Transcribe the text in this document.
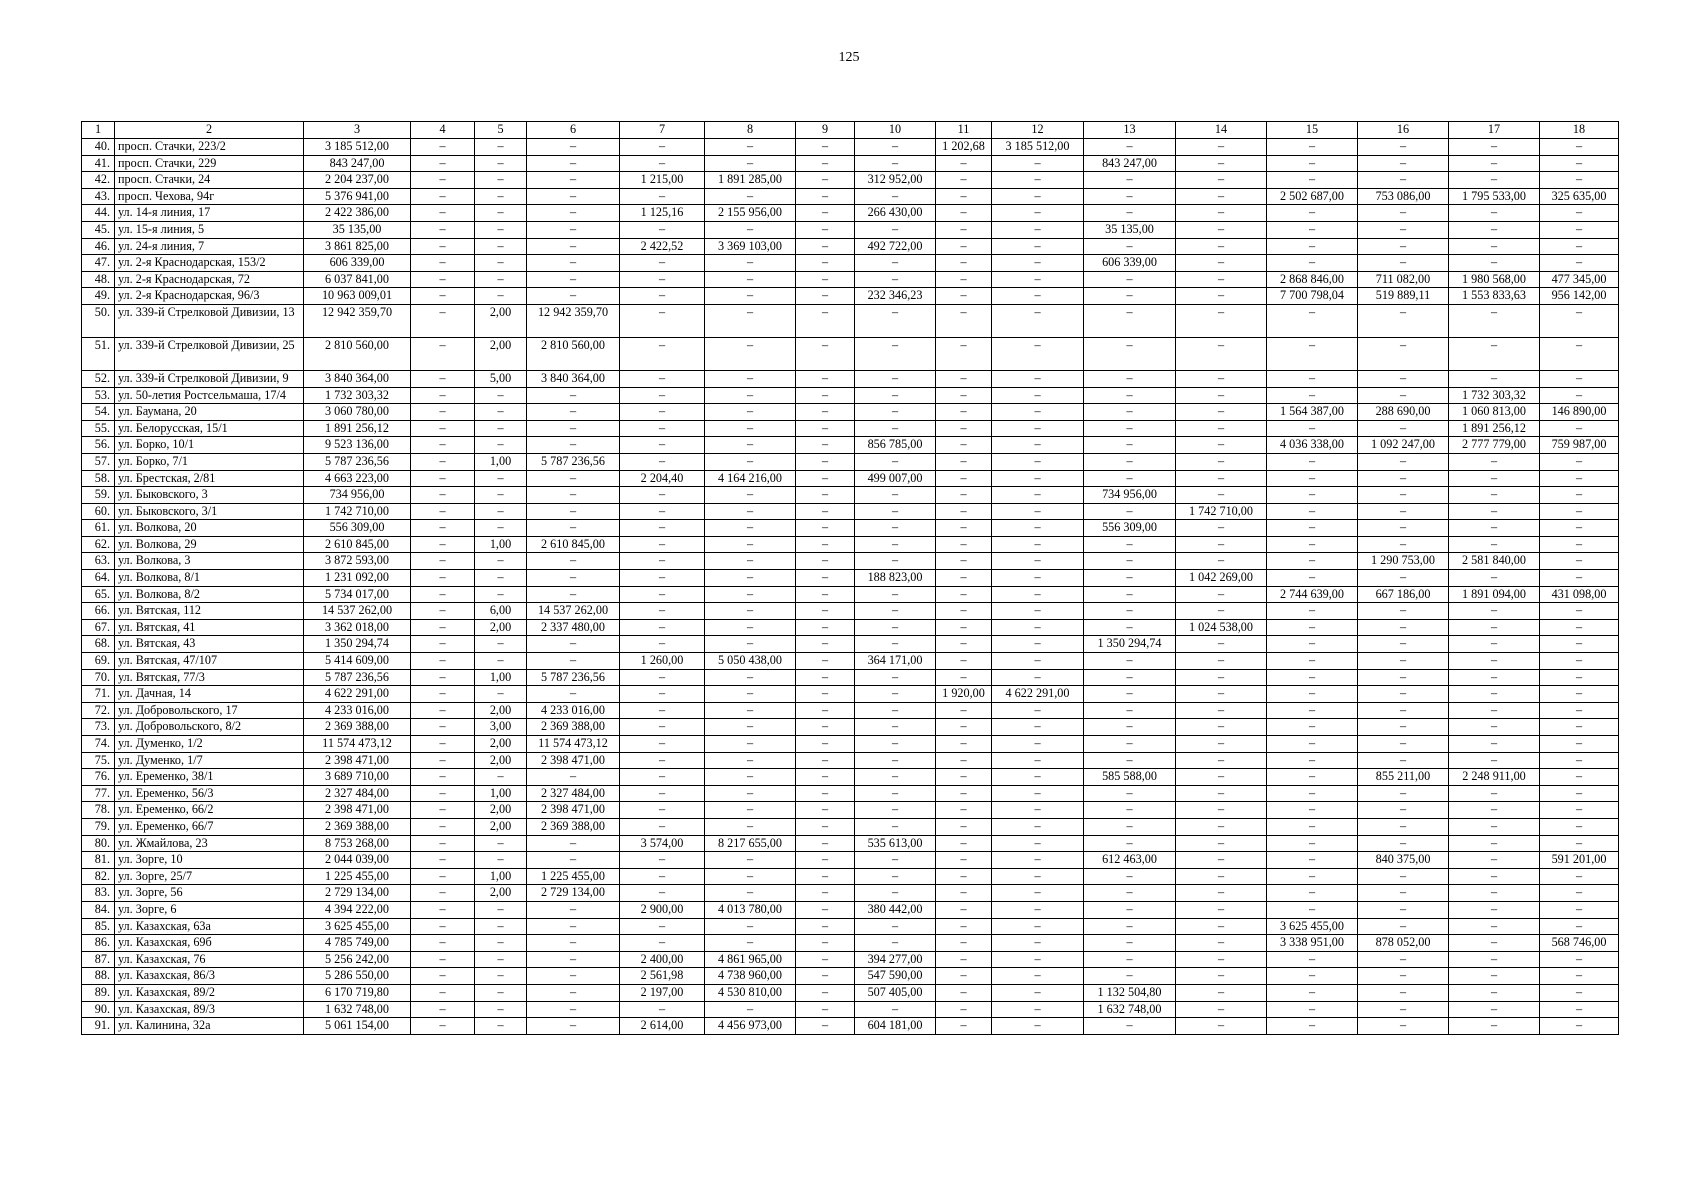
125
1	2	3	4	5	6	7	8	9	10	11	12	13	14	15	16	17	18
40.	просп. Стачки, 223/2	3 185 512,00	–	–	–	–	–	–	–	1 202,68	3 185 512,00	–	–	–	–	–	–
41.	просп. Стачки, 229	843 247,00	–	–	–	–	–	–	–	–	–	843 247,00	–	–	–	–	–
42.	просп. Стачки, 24	2 204 237,00	–	–	–	1 215,00	1 891 285,00	–	312 952,00	–	–	–	–	–	–	–	–
43.	просп. Чехова, 94г	5 376 941,00	–	–	–	–	–	–	–	–	–	–	–	2 502 687,00	753 086,00	1 795 533,00	325 635,00
44.	ул. 14-я линия, 17	2 422 386,00	–	–	–	1 125,16	2 155 956,00	–	266 430,00	–	–	–	–	–	–	–	–
45.	ул. 15-я линия, 5	35 135,00	–	–	–	–	–	–	–	–	–	35 135,00	–	–	–	–	–
46.	ул. 24-я линия, 7	3 861 825,00	–	–	–	2 422,52	3 369 103,00	–	492 722,00	–	–	–	–	–	–	–	–
47.	ул. 2-я Краснодарская, 153/2	606 339,00	–	–	–	–	–	–	–	–	–	606 339,00	–	–	–	–	–
48.	ул. 2-я Краснодарская, 72	6 037 841,00	–	–	–	–	–	–	–	–	–	–	–	2 868 846,00	711 082,00	1 980 568,00	477 345,00
49.	ул. 2-я Краснодарская, 96/3	10 963 009,01	–	–	–	–	–	–	232 346,23	–	–	–	–	7 700 798,04	519 889,11	1 553 833,63	956 142,00
50.	ул. 339-й Стрелковой Дивизии, 13	12 942 359,70	–	2,00	12 942 359,70	–	–	–	–	–	–	–	–	–	–	–	–
51.	ул. 339-й Стрелковой Дивизии, 25	2 810 560,00	–	2,00	2 810 560,00	–	–	–	–	–	–	–	–	–	–	–	–
52.	ул. 339-й Стрелковой Дивизии, 9	3 840 364,00	–	5,00	3 840 364,00	–	–	–	–	–	–	–	–	–	–	–	–
53.	ул. 50-летия Ростсельмаша, 17/4	1 732 303,32	–	–	–	–	–	–	–	–	–	–	–	–	–	1 732 303,32	–
54.	ул. Баумана, 20	3 060 780,00	–	–	–	–	–	–	–	–	–	–	–	1 564 387,00	288 690,00	1 060 813,00	146 890,00
55.	ул. Белорусская, 15/1	1 891 256,12	–	–	–	–	–	–	–	–	–	–	–	–	–	1 891 256,12	–
56.	ул. Борко, 10/1	9 523 136,00	–	–	–	–	–	–	856 785,00	–	–	–	–	4 036 338,00	1 092 247,00	2 777 779,00	759 987,00
57.	ул. Борко, 7/1	5 787 236,56	–	1,00	5 787 236,56	–	–	–	–	–	–	–	–	–	–	–	–
58.	ул. Брестская, 2/81	4 663 223,00	–	–	–	2 204,40	4 164 216,00	–	499 007,00	–	–	–	–	–	–	–	–
59.	ул. Быковского, 3	734 956,00	–	–	–	–	–	–	–	–	–	734 956,00	–	–	–	–	–
60.	ул. Быковского, 3/1	1 742 710,00	–	–	–	–	–	–	–	–	–	–	1 742 710,00	–	–	–	–
61.	ул. Волкова, 20	556 309,00	–	–	–	–	–	–	–	–	–	556 309,00	–	–	–	–	–
62.	ул. Волкова, 29	2 610 845,00	–	1,00	2 610 845,00	–	–	–	–	–	–	–	–	–	–	–	–
63.	ул. Волкова, 3	3 872 593,00	–	–	–	–	–	–	–	–	–	–	–	–	1 290 753,00	2 581 840,00	–
64.	ул. Волкова, 8/1	1 231 092,00	–	–	–	–	–	–	188 823,00	–	–	–	1 042 269,00	–	–	–	–
65.	ул. Волкова, 8/2	5 734 017,00	–	–	–	–	–	–	–	–	–	–	–	2 744 639,00	667 186,00	1 891 094,00	431 098,00
66.	ул. Вятская, 112	14 537 262,00	–	6,00	14 537 262,00	–	–	–	–	–	–	–	–	–	–	–	–
67.	ул. Вятская, 41	3 362 018,00	–	2,00	2 337 480,00	–	–	–	–	–	–	–	1 024 538,00	–	–	–	–
68.	ул. Вятская, 43	1 350 294,74	–	–	–	–	–	–	–	–	–	1 350 294,74	–	–	–	–	–
69.	ул. Вятская, 47/107	5 414 609,00	–	–	–	1 260,00	5 050 438,00	–	364 171,00	–	–	–	–	–	–	–	–
70.	ул. Вятская, 77/3	5 787 236,56	–	1,00	5 787 236,56	–	–	–	–	–	–	–	–	–	–	–	–
71.	ул. Дачная, 14	4 622 291,00	–	–	–	–	–	–	–	1 920,00	4 622 291,00	–	–	–	–	–	–
72.	ул. Добровольского, 17	4 233 016,00	–	2,00	4 233 016,00	–	–	–	–	–	–	–	–	–	–	–	–
73.	ул. Добровольского, 8/2	2 369 388,00	–	3,00	2 369 388,00	–	–	–	–	–	–	–	–	–	–	–	–
74.	ул. Думенко, 1/2	11 574 473,12	–	2,00	11 574 473,12	–	–	–	–	–	–	–	–	–	–	–	–
75.	ул. Думенко, 1/7	2 398 471,00	–	2,00	2 398 471,00	–	–	–	–	–	–	–	–	–	–	–	–
76.	ул. Еременко, 38/1	3 689 710,00	–	–	–	–	–	–	–	–	–	585 588,00	–	–	855 211,00	2 248 911,00	–
77.	ул. Еременко, 56/3	2 327 484,00	–	1,00	2 327 484,00	–	–	–	–	–	–	–	–	–	–	–	–
78.	ул. Еременко, 66/2	2 398 471,00	–	2,00	2 398 471,00	–	–	–	–	–	–	–	–	–	–	–	–
79.	ул. Еременко, 66/7	2 369 388,00	–	2,00	2 369 388,00	–	–	–	–	–	–	–	–	–	–	–	–
80.	ул. Жмайлова, 23	8 753 268,00	–	–	–	3 574,00	8 217 655,00	–	535 613,00	–	–	–	–	–	–	–	–
81.	ул. Зорге, 10	2 044 039,00	–	–	–	–	–	–	–	–	–	612 463,00	–	–	840 375,00	–	591 201,00
82.	ул. Зорге, 25/7	1 225 455,00	–	1,00	1 225 455,00	–	–	–	–	–	–	–	–	–	–	–	–
83.	ул. Зорге, 56	2 729 134,00	–	2,00	2 729 134,00	–	–	–	–	–	–	–	–	–	–	–	–
84.	ул. Зорге, 6	4 394 222,00	–	–	–	2 900,00	4 013 780,00	–	380 442,00	–	–	–	–	–	–	–	–
85.	ул. Казахская, 63а	3 625 455,00	–	–	–	–	–	–	–	–	–	–	–	3 625 455,00	–	–	–
86.	ул. Казахская, 69б	4 785 749,00	–	–	–	–	–	–	–	–	–	–	–	3 338 951,00	878 052,00	–	568 746,00
87.	ул. Казахская, 76	5 256 242,00	–	–	–	2 400,00	4 861 965,00	–	394 277,00	–	–	–	–	–	–	–	–
88.	ул. Казахская, 86/3	5 286 550,00	–	–	–	2 561,98	4 738 960,00	–	547 590,00	–	–	–	–	–	–	–	–
89.	ул. Казахская, 89/2	6 170 719,80	–	–	–	2 197,00	4 530 810,00	–	507 405,00	–	–	1 132 504,80	–	–	–	–	–
90.	ул. Казахская, 89/3	1 632 748,00	–	–	–	–	–	–	–	–	–	1 632 748,00	–	–	–	–	–
91.	ул. Калинина, 32а	5 061 154,00	–	–	–	2 614,00	4 456 973,00	–	604 181,00	–	–	–	–	–	–	–	–
